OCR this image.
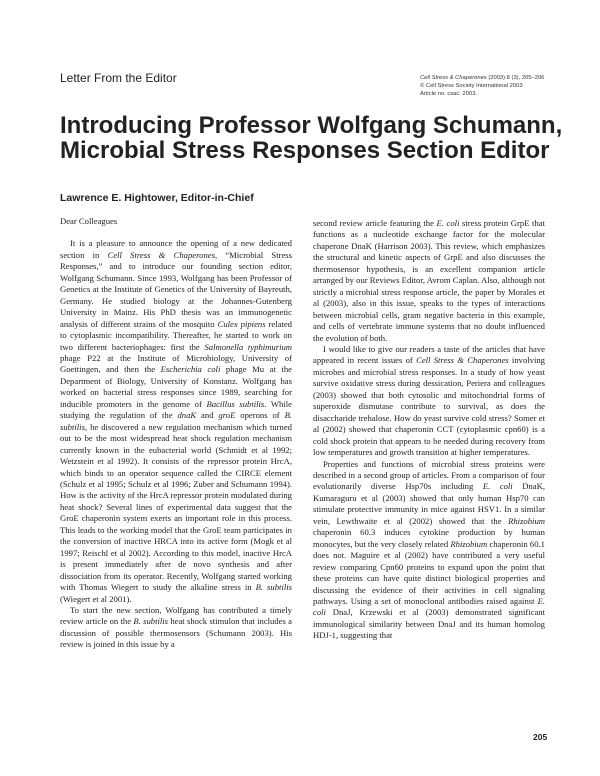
Letter From the Editor	Cell Stress & Chaperones (2003) 8 (3), 205–206
© Cell Stress Society International 2003
Article no. csac. 2003.
Introducing Professor Wolfgang Schumann, Microbial Stress Responses Section Editor
Lawrence E. Hightower, Editor-in-Chief

Dear Colleagues

It is a pleasure to announce the opening of a new dedicated section in Cell Stress & Chaperones, “Microbial Stress Responses,” and to introduce our founding section editor, Wolfgang Schumann. Since 1993, Wolfgang has been Professor of Genetics at the Institute of Genetics of the University of Bayreuth, Germany. He studied biology at the Johannes-Gutenberg University in Mainz. His PhD thesis was an immunogenetic analysis of different strains of the mosquito Culex pipiens related to cytoplasmic incompatibility. Thereafter, he started to work on two different bacteriophages: first the Salmonella typhimurium phage P22 at the Institute of Microbiology, University of Goettingen, and then the Escherichia coli phage Mu at the Department of Biology, University of Konstanz. Wolfgang has worked on bacterial stress responses since 1989, searching for inducible promoters in the genome of Bacillus subtilis. While studying the regulation of the dnaK and groE operons of B. subtilis, he discovered a new regulation mechanism which turned out to be the most widespread heat shock regulation mechanism currently known in the eubacterial world (Schmidt et al 1992; Wetzstein et al 1992). It consists of the repressor protein HrcA, which binds to an operator sequence called the CIRCE element (Schulz et al 1995; Schulz et al 1996; Zuber and Schumann 1994). How is the activity of the HrcA repressor protein modulated during heat shock? Several lines of experimental data suggest that the GroE chaperonin system exerts an important role in this process. This leads to the working model that the GroE team participates in the conversion of inactive HRCA into its active form (Mogk et al 1997; Reischl et al 2002). According to this model, inactive HrcA is present immediately after de novo synthesis and after dissociation from its operator. Recently, Wolfgang started working with Thomas Wiegert to study the alkaline stress in B. subtilis (Wiegert et al 2001).

To start the new section, Wolfgang has contributed a timely review article on the B. subtilis heat shock stimulon that includes a discussion of possible thermosensors (Schumann 2003). His review is joined in this issue by a

second review article featuring the E. coli stress protein GrpE that functions as a nucleotide exchange factor for the molecular chaperone DnaK (Harrison 2003). This review, which emphasizes the structural and kinetic aspects of GrpE and also discusses the thermosensor hypothesis, is an excellent companion article arranged by our Reviews Editor, Avrom Caplan. Also, although not strictly a microbial stress response article, the paper by Morales et al (2003), also in this issue, speaks to the types of interactions between microbial cells, gram negative bacteria in this example, and cells of vertebrate immune systems that no doubt influenced the evolution of both.

I would like to give our readers a taste of the articles that have appeared in recent issues of Cell Stress & Chaperones involving microbes and microbial stress responses. In a study of how yeast survive oxidative stress during dessication, Periera and colleagues (2003) showed that both cytosolic and mitochondrial forms of superoxide dismutase contribute to survival, as does the disaccharide trehalose. How do yeast survive cold stress? Somer et al (2002) showed that chaperonin CCT (cytoplasmic cpn60) is a cold shock protein that appears to be needed during recovery from low temperatures and growth transition at higher temperatures.

Properties and functions of microbial stress proteins were described in a second group of articles. From a comparison of four evolutionarily diverse Hsp70s including E. coli DnaK, Kumaraguru et al (2003) showed that only human Hsp70 can stimulate protective immunity in mice against HSV1. In a similar vein, Lewthwaite et al (2002) showed that the Rhizobium chaperonin 60.3 induces cytokine production by human monocytes, but the very closely related Rhizobium chaperonin 60.1 does not. Maguire et al (2002) have contributed a very useful review comparing Cpn60 proteins to expand upon the point that these proteins can have quite distinct biological properties and discussing the evidence of their activities in cell signaling pathways. Using a set of monoclonal antibodies raised against E. coli DnaJ, Krzewski et al (2003) demonstrated significant immunological similarity between DnaJ and its human homolog HDJ-1, suggesting that

205
